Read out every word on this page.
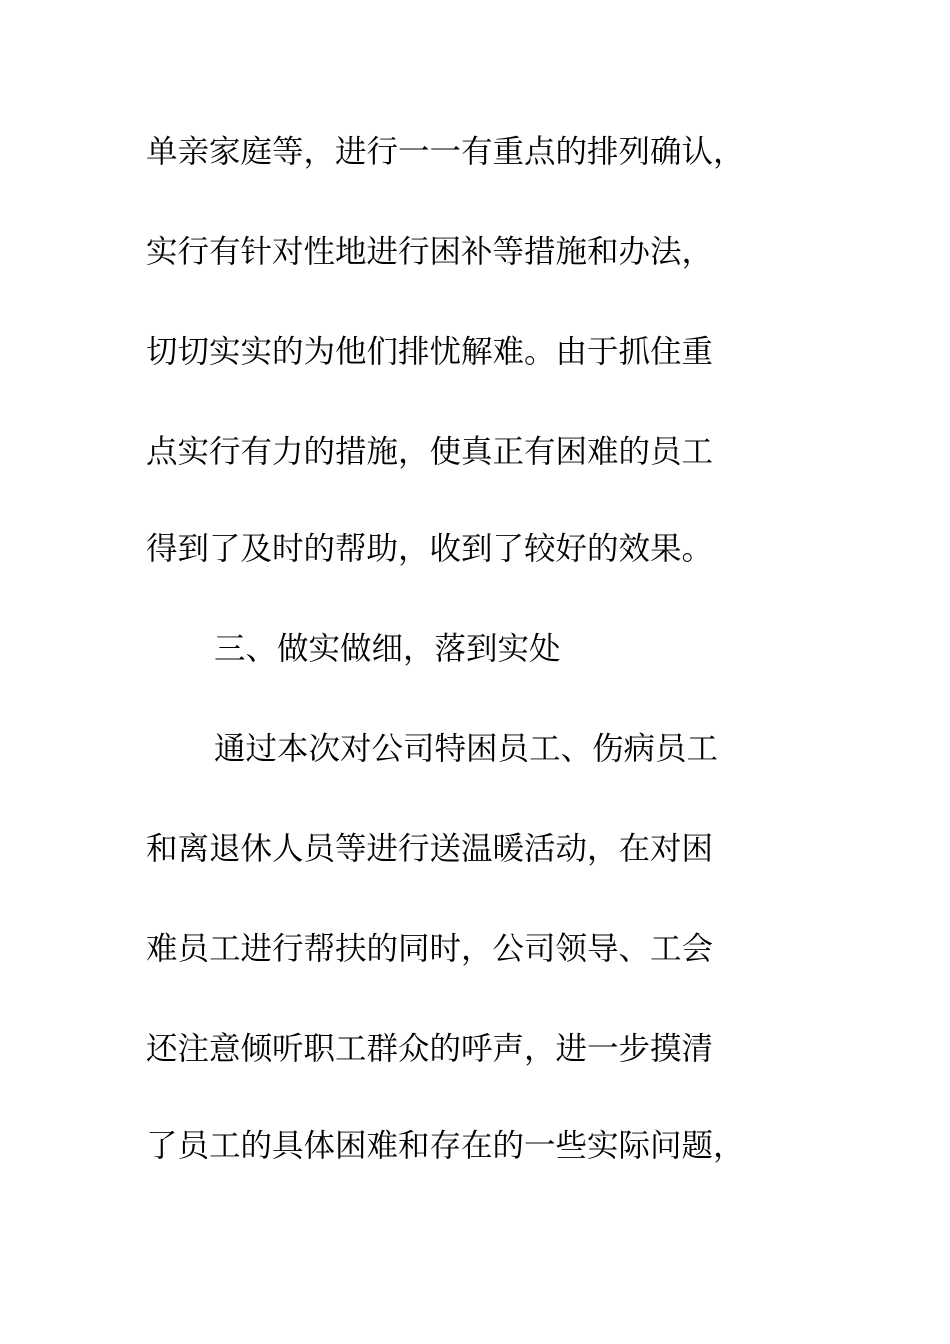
单亲家庭等，进行一一有重点的排列确认，
实行有针对性地进行困补等措施和办法，
切切实实的为他们排忧解难。由于抓住重
点实行有力的措施，使真正有困难的员工
得到了及时的帮助，收到了较好的效果。
三、做实做细，落到实处
通过本次对公司特困员工、伤病员工
和离退休人员等进行送温暖活动，在对困
难员工进行帮扶的同时，公司领导、工会
还注意倾听职工群众的呼声，进一步摸清
了员工的具体困难和存在的一些实际问题，
